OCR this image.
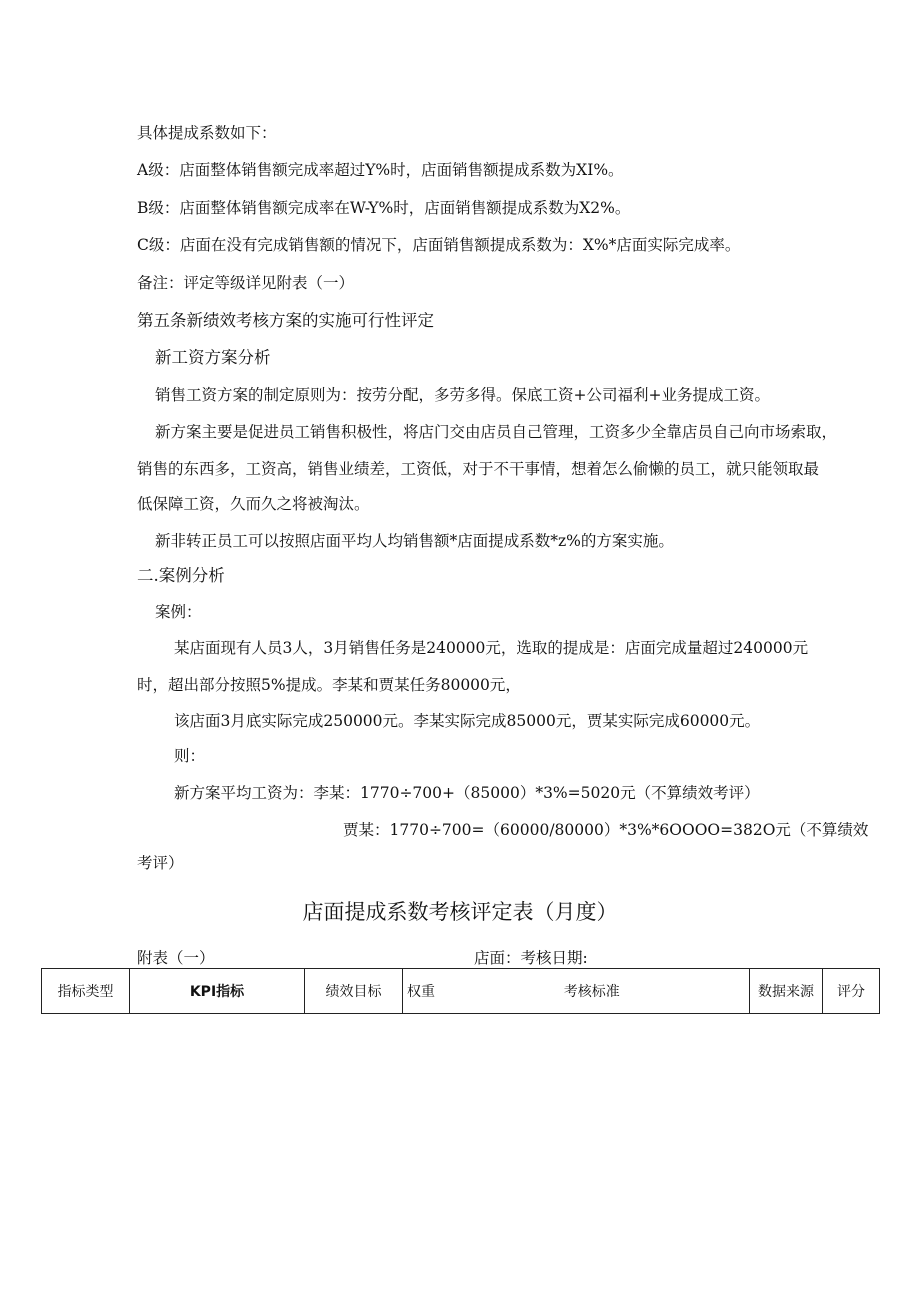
具体提成系数如下：

A级：店面整体销售额完成率超过Y%时，店面销售额提成系数为XI%。

B级：店面整体销售额完成率在W-Y%时，店面销售额提成系数为X2%。

C级：店面在没有完成销售额的情况下，店面销售额提成系数为：X%*店面实际完成率。

备注：评定等级详见附表（一）

第五条新绩效考核方案的实施可行性评定

新工资方案分析

销售工资方案的制定原则为：按劳分配，多劳多得。保底工资+公司福利+业务提成工资。

新方案主要是促进员工销售积极性，将店门交由店员自己管理，工资多少全靠店员自己向市场索取，

销售的东西多，工资高，销售业绩差，工资低，对于不干事情，想着怎么偷懒的员工，就只能领取最

低保障工资，久而久之将被淘汰。

新非转正员工可以按照店面平均人均销售额*店面提成系数*z%的方案实施。

二.案例分析

案例：

某店面现有人员3人，3月销售任务是240000元，选取的提成是：店面完成量超过240000元

时，超出部分按照5%提成。李某和贾某任务80000元，

该店面3月底实际完成250000元。李某实际完成85000元，贾某实际完成60000元。

则：

新方案平均工资为：李某：1770÷700+（85000）*3%=5020元（不算绩效考评）

贾某：1770÷700=（60000/80000）*3%*6OOOO=382O元（不算绩效

考评）

店面提成系数考核评定表（月度）

附表（一）	店面：考核日期:

指标类型	KPI指标	绩效目标	权重	考核标准	数据来源	评分
